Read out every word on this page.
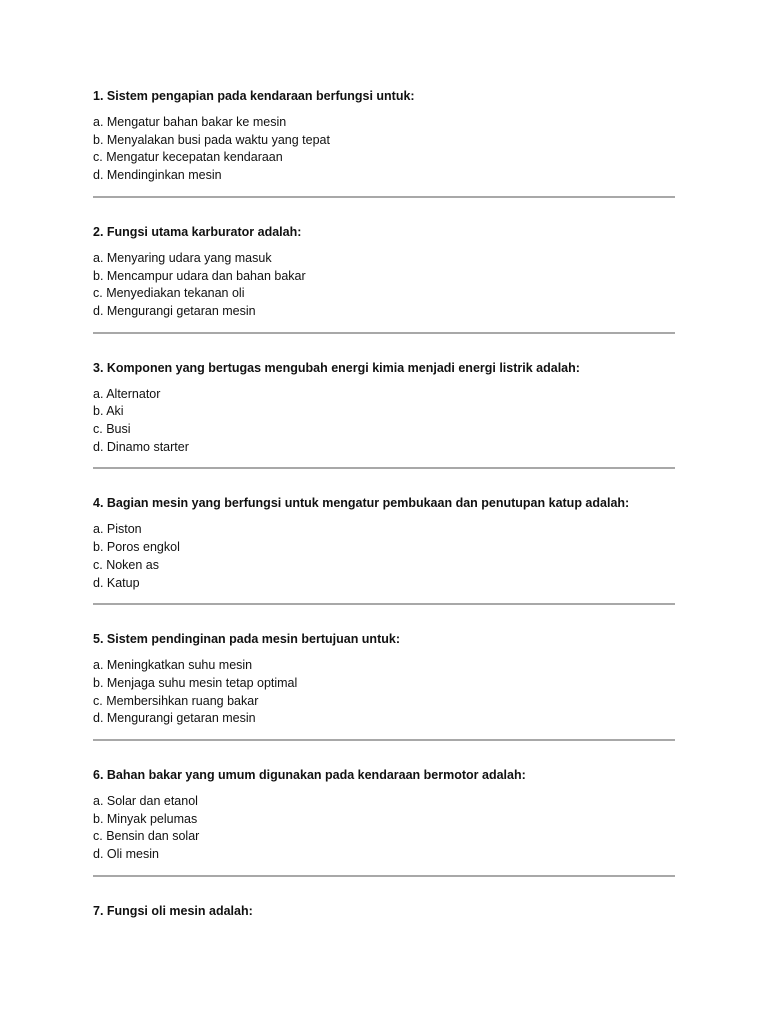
1. Sistem pengapian pada kendaraan berfungsi untuk:

a. Mengatur bahan bakar ke mesin
b. Menyalakan busi pada waktu yang tepat
c. Mengatur kecepatan kendaraan
d. Mendinginkan mesin

2. Fungsi utama karburator adalah:

a. Menyaring udara yang masuk
b. Mencampur udara dan bahan bakar
c. Menyediakan tekanan oli
d. Mengurangi getaran mesin

3. Komponen yang bertugas mengubah energi kimia menjadi energi listrik adalah:

a. Alternator
b. Aki
c. Busi
d. Dinamo starter

4. Bagian mesin yang berfungsi untuk mengatur pembukaan dan penutupan katup adalah:

a. Piston
b. Poros engkol
c. Noken as
d. Katup

5. Sistem pendinginan pada mesin bertujuan untuk:

a. Meningkatkan suhu mesin
b. Menjaga suhu mesin tetap optimal
c. Membersihkan ruang bakar
d. Mengurangi getaran mesin

6. Bahan bakar yang umum digunakan pada kendaraan bermotor adalah:

a. Solar dan etanol
b. Minyak pelumas
c. Bensin dan solar
d. Oli mesin

7. Fungsi oli mesin adalah:
